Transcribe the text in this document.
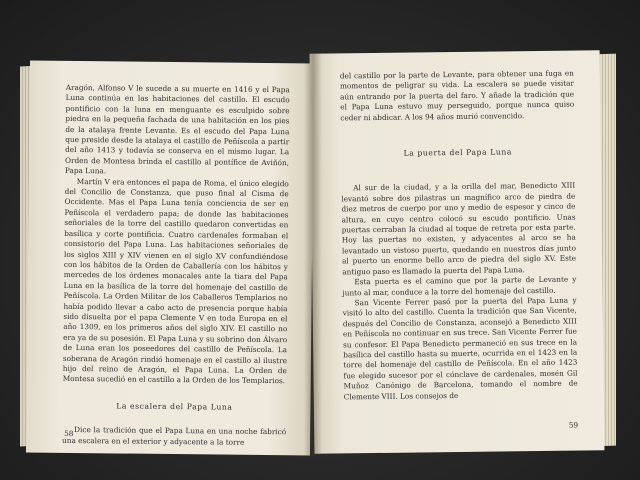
Aragón, Alfonso V le sucede a su muerte en 1416 y el Papa Luna continúa en las habitaciones del castillo. El escudo pontificio con la luna en menguante es esculpido sobre piedra en la pequeña fachada de una habitación en los pies de la atalaya frente Levante. Es el escudo del Papa Luna que preside desde la atalaya el castillo de Peñíscola a partir del año 1413 y todavía se conserva en el mismo lugar. La Orden de Montesa brinda el castillo al pontífice de Aviñón, Papa Luna.

Martín V era entonces el papa de Roma, el único elegido del Concilio de Constanza, que puso final al Cisma de Occidente. Mas el Papa Luna tenía conciencia de ser en Peñíscola el verdadero papa; de donde las habitaciones señoriales de la torre del castillo quedaron convertidas en basílica y corte pontificia. Cuatro cardenales formaban el consistorio del Papa Luna. Las habitaciones señoriales de los siglos XIII y XIV vienen en el siglo XV confundiéndose con los hábitos de la Orden de Caballería con los hábitos y mercedes de los órdenes monacales ante la tiara del Papa Luna en la basílica de la torre del homenaje del castillo de Peñíscola. La Orden Militar de los Caballeros Templarios no había podido llevar a cabo acto de presencia porque había sido disuelta por el papa Clemente V en toda Europa en el año 1309, en los primeros años del siglo XIV. El castillo no era ya de su posesión. El Papa Luna y su sobrino don Álvaro de Luna eran los poseedores del castillo de Peñíscola. La soberana de Aragón rindió homenaje en el castillo al ilustre hijo del reino de Aragón, el Papa Luna. La Orden de Montesa sucedió en el castillo a la Orden de los Templarios.

La escalera del Papa Luna

Dice la tradición que el Papa Luna en una noche fabricó una escalera en el exterior y adyacente a la torre

58

del castillo por la parte de Levante, para obtener una fuga en momentos de peligrar su vida. La escalera se puede visitar aún entrando por la puerta del faro. Y añade la tradición que el Papa Luna estuvo muy perseguido, porque nunca quiso ceder ni abdicar. A los 94 años murió convencido.

La puerta del Papa Luna

Al sur de la ciudad, y a la orilla del mar, Benedicto XIII levantó sobre dos pilastras un magnífico arco de piedra de diez metros de cuerpo por uno y medio de espesor y cinco de altura, en cuyo centro colocó su escudo pontificio. Unas puertas cerraban la ciudad al toque de retreta por esta parte. Hoy las puertas no existen, y adyacentes al arco se ha levantado un vistoso puerto, quedando en nuestros días junto al puerto un enorme bello arco de piedra del siglo XV. Este antiguo paso es llamado la puerta del Papa Luna.

Esta puerta es el camino que por la parte de Levante y junto al mar, conduce a la torre del homenaje del castillo.

San Vicente Ferrer pasó por la puerta del Papa Luna y visitó lo alto del castillo. Cuenta la tradición que San Vicente, después del Concilio de Constanza, aconsejó a Benedicto XIII en Peñíscola no continuar en sus trece. San Vicente Ferrer fue su confesor. El Papa Benedicto permaneció en sus trece en la basílica del castillo hasta su muerte, ocurrida en el 1423 en la torre del homenaje del castillo de Peñíscola. En el año 1423 fue elegido sucesor por el cónclave de cardenales, mosén Gil Muñoz Canónigo de Barcelona, tomando el nombre de Clemente VIII. Los consejos de

59
